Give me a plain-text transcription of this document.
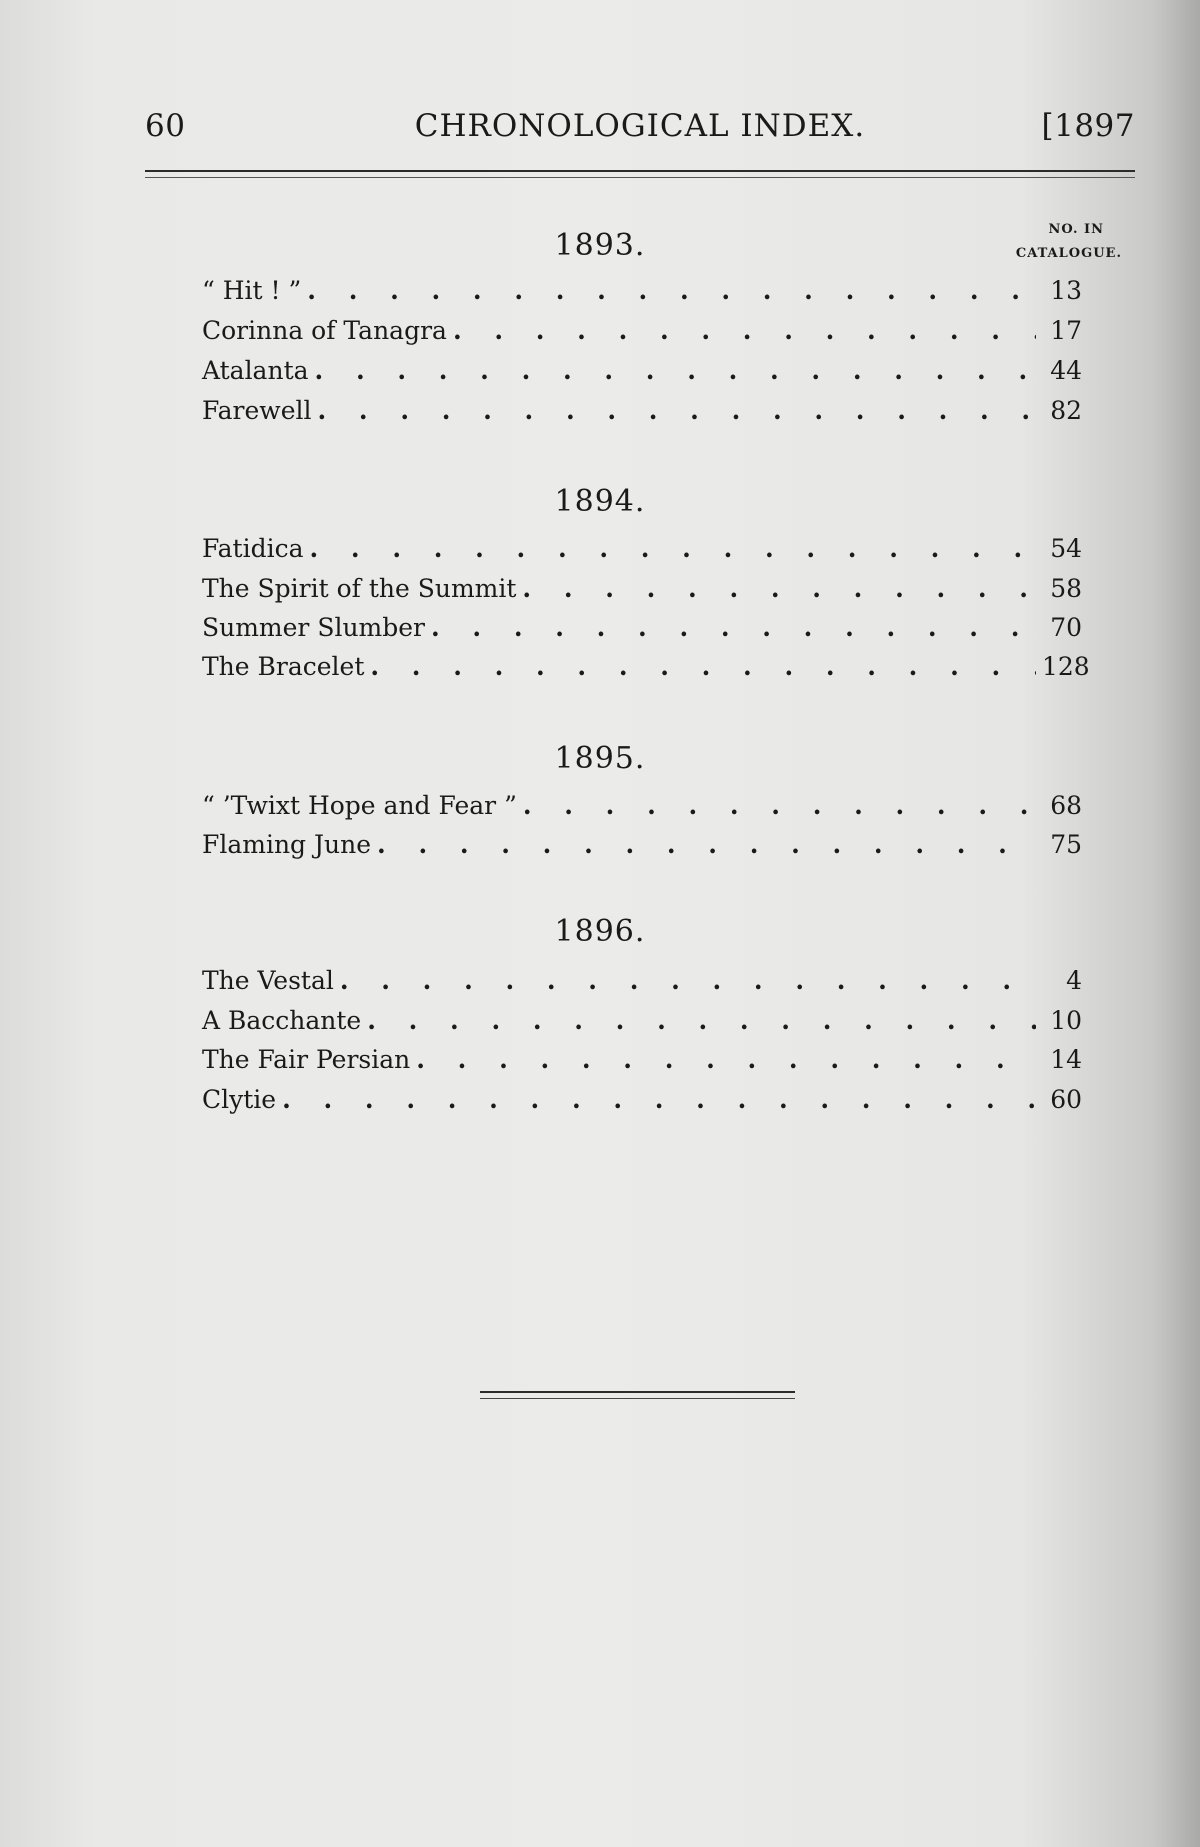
60	CHRONOLOGICAL INDEX.	[1897
NO. IN
CATALOGUE.
1893.
“ Hit ! ” . . .	13
Corinna of Tanagra . . .	17
Atalanta . . .	44
Farewell . . .	82
1894.
Fatidica . . .	54
The Spirit of the Summit . . .	58
Summer Slumber . . .	70
The Bracelet . . .	128
1895.
“ ’Twixt Hope and Fear ” . . .	68
Flaming June . . .	75
1896.
The Vestal . . .	4
A Bacchante . . .	10
The Fair Persian . . .	14
Clytie . . .	60
